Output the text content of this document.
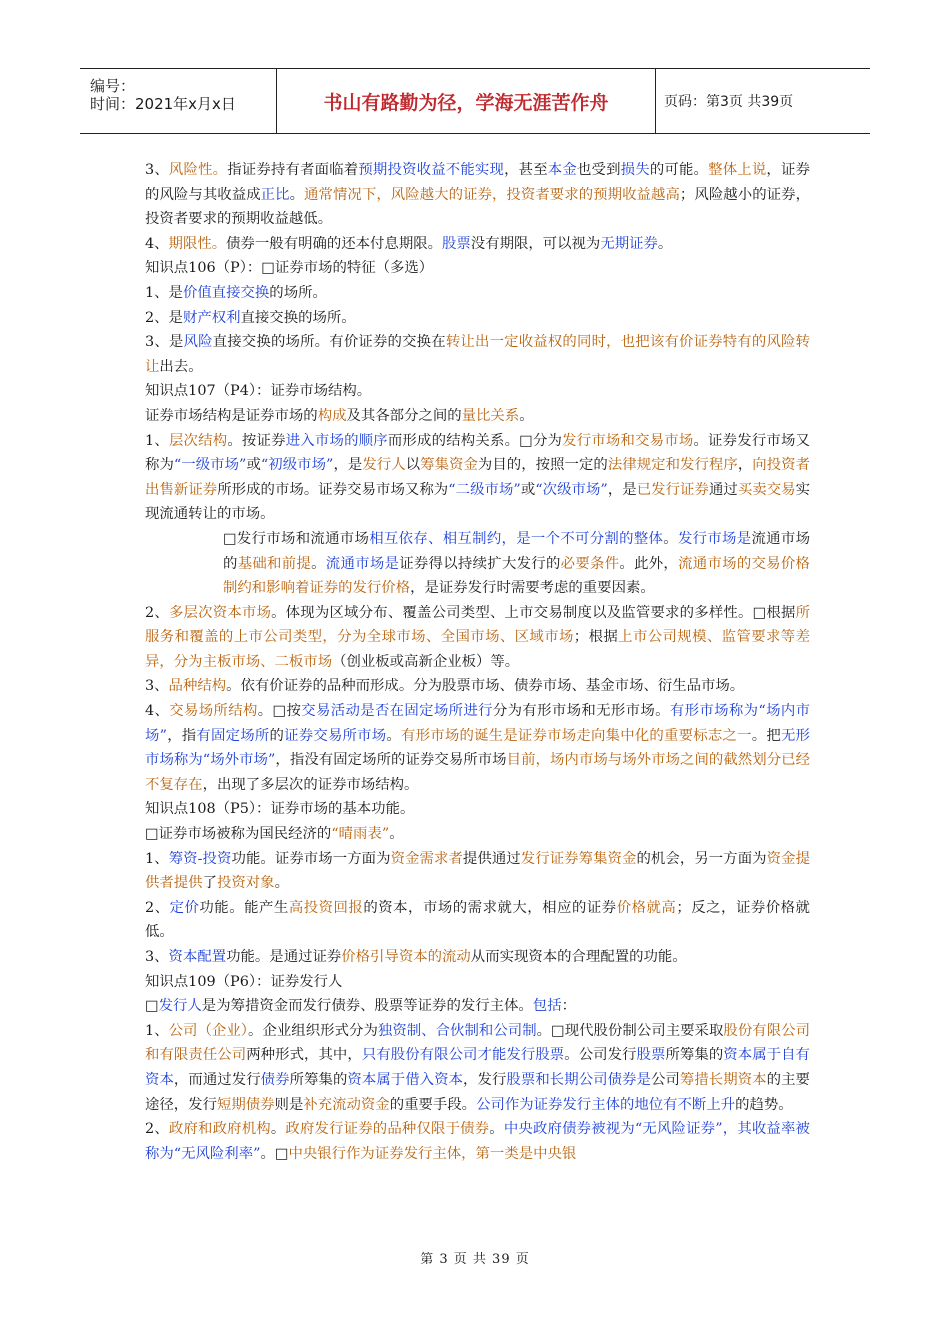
编号：
时间：2021年x月x日	书山有路勤为径，学海无涯苦作舟	页码：第3页 共39页

3、风险性。指证券持有者面临着预期投资收益不能实现，甚至本金也受到损失的可能。整体上说，证券的风险与其收益成正比。通常情况下，风险越大的证券，投资者要求的预期收益越高；风险越小的证券，投资者要求的预期收益越低。

4、期限性。债券一般有明确的还本付息期限。股票没有期限，可以视为无期证券。

知识点106（P）：□证券市场的特征（多选）

1、是价值直接交换的场所。

2、是财产权利直接交换的场所。

3、是风险直接交换的场所。有价证券的交换在转让出一定收益权的同时，也把该有价证券特有的风险转让出去。

知识点107（P4）：证券市场结构。

证券市场结构是证券市场的构成及其各部分之间的量比关系。

1、层次结构。按证券进入市场的顺序而形成的结构关系。□分为发行市场和交易市场。证券发行市场又称为“一级市场”或“初级市场”，是发行人以筹集资金为目的，按照一定的法律规定和发行程序，向投资者出售新证券所形成的市场。证券交易市场又称为“二级市场”或“次级市场”，是已发行证券通过买卖交易实现流通转让的市场。

□发行市场和流通市场相互依存、相互制约，是一个不可分割的整体。发行市场是流通市场的基础和前提。流通市场是证券得以持续扩大发行的必要条件。此外，流通市场的交易价格制约和影响着证券的发行价格，是证券发行时需要考虑的重要因素。

2、多层次资本市场。体现为区域分布、覆盖公司类型、上市交易制度以及监管要求的多样性。□根据所服务和覆盖的上市公司类型，分为全球市场、全国市场、区域市场；根据上市公司规模、监管要求等差异，分为主板市场、二板市场（创业板或高新企业板）等。

3、品种结构。依有价证券的品种而形成。分为股票市场、债券市场、基金市场、衍生品市场。

4、交易场所结构。□按交易活动是否在固定场所进行分为有形市场和无形市场。有形市场称为“场内市场”，指有固定场所的证券交易所市场。有形市场的诞生是证券市场走向集中化的重要标志之一。把无形市场称为“场外市场”，指没有固定场所的证券交易所市场目前，场内市场与场外市场之间的截然划分已经不复存在，出现了多层次的证券市场结构。

知识点108（P5）：证券市场的基本功能。

□证券市场被称为国民经济的“晴雨表”。

1、筹资-投资功能。证券市场一方面为资金需求者提供通过发行证券筹集资金的机会，另一方面为资金提供者提供了投资对象。

2、定价功能。能产生高投资回报的资本，市场的需求就大，相应的证券价格就高；反之，证券价格就低。

3、资本配置功能。是通过证券价格引导资本的流动从而实现资本的合理配置的功能。

知识点109（P6）：证券发行人

□发行人是为筹措资金而发行债券、股票等证券的发行主体。包括：

1、公司（企业）。企业组织形式分为独资制、合伙制和公司制。□现代股份制公司主要采取股份有限公司和有限责任公司两种形式，其中，只有股份有限公司才能发行股票。公司发行股票所筹集的资本属于自有资本，而通过发行债券所筹集的资本属于借入资本，发行股票和长期公司债券是公司筹措长期资本的主要途径，发行短期债券则是补充流动资金的重要手段。公司作为证券发行主体的地位有不断上升的趋势。

2、政府和政府机构。政府发行证券的品种仅限于债券。中央政府债券被视为“无风险证券”，其收益率被称为“无风险利率”。□中央银行作为证券发行主体，第一类是中央银

第 3 页 共 39 页
